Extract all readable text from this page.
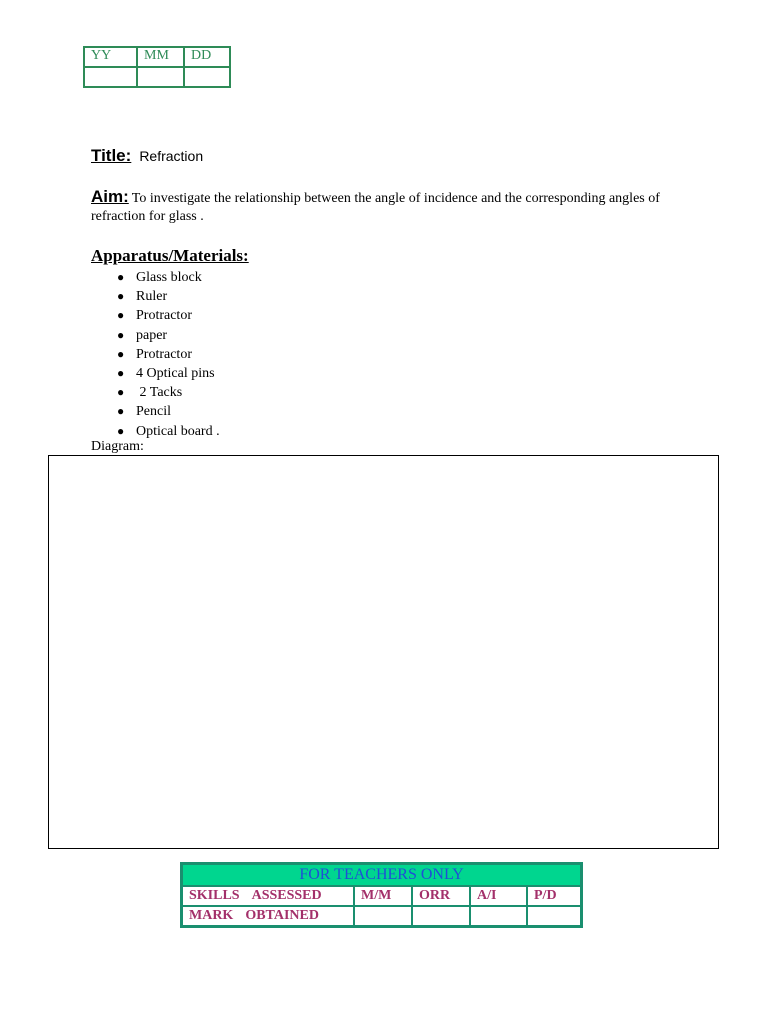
YY	MM	DD

Title: Refraction
Aim: To investigate the relationship between the angle of incidence and the corresponding angles of refraction for glass .
Apparatus/Materials:
● Glass block
● Ruler
● Protractor
● paper
● Protractor
● 4 Optical pins
● 2 Tacks
● Pencil
● Optical board .
Diagram:
FOR TEACHERS ONLY				
SKILLS ASSESSED	M/M	ORR	A/I	P/D
MARK OBTAINED				
